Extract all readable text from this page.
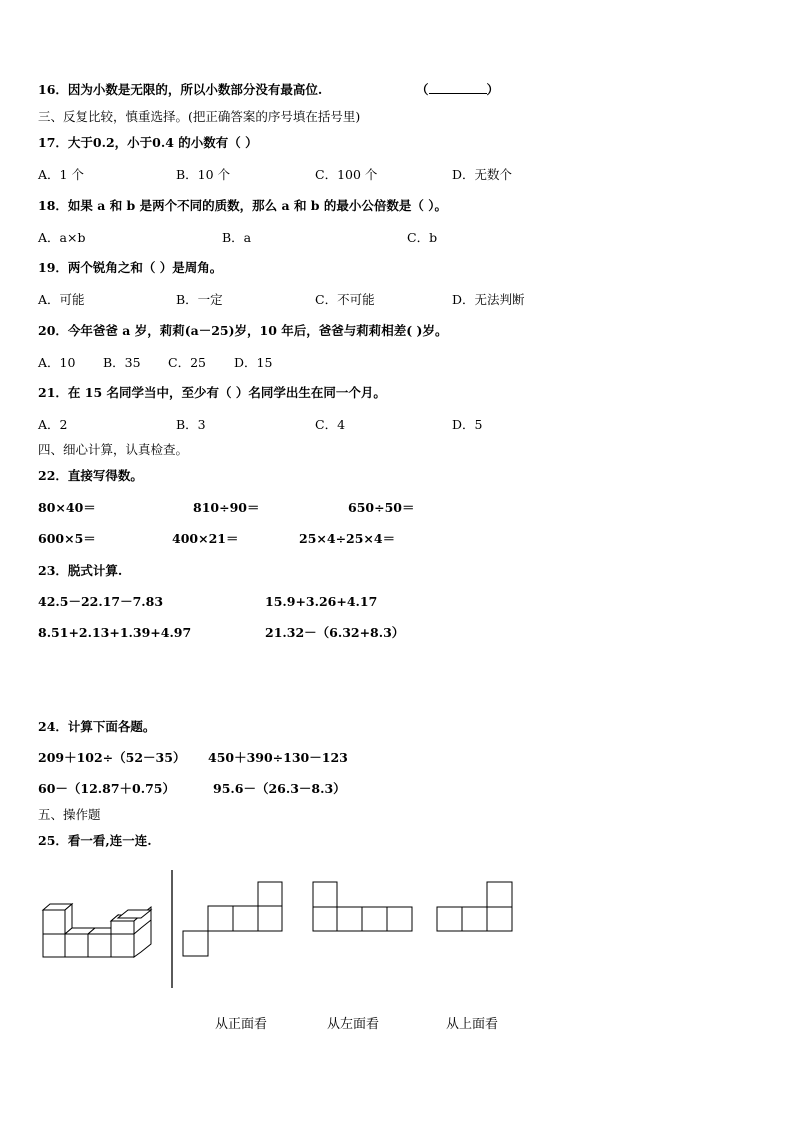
16．因为小数是无限的，所以小数部分没有最高位.	（	）
三、反复比较，慎重选择。(把正确答案的序号填在括号里)
17．大于0.2，小于0.4 的小数有（ ）
A．1 个	B．10 个	C．100 个	D．无数个
18．如果 a 和 b 是两个不同的质数，那么 a 和 b 的最小公倍数是（ ）。
A．a×b	B．a	C．b
19．两个锐角之和（ ）是周角。
A．可能	B．一定	C．不可能	D．无法判断
20．今年爸爸 a 岁，莉莉(a－25)岁，10 年后，爸爸与莉莉相差( )岁。
A．10 B．35 C．25 D．15
21．在 15 名同学当中，至少有（ ）名同学出生在同一个月。
A．2	B．3	C．4	D．5
四、细心计算，认真检查。
22．直接写得数。
80×40＝	810÷90＝	650÷50＝
600×5＝	400×21＝	25×4÷25×4＝
23．脱式计算.
42.5－22.17－7.83	15.9+3.26+4.17
8.51+2.13+1.39+4.97	21.32－（6.32+8.3）
24．计算下面各题。
209＋102÷（52－35） 450＋390÷130－123
60－（12.87＋0.75）	95.6－（26.3－8.3）
五、操作题
25．看一看,连一连.
从正面看	从左面看	从上面看
